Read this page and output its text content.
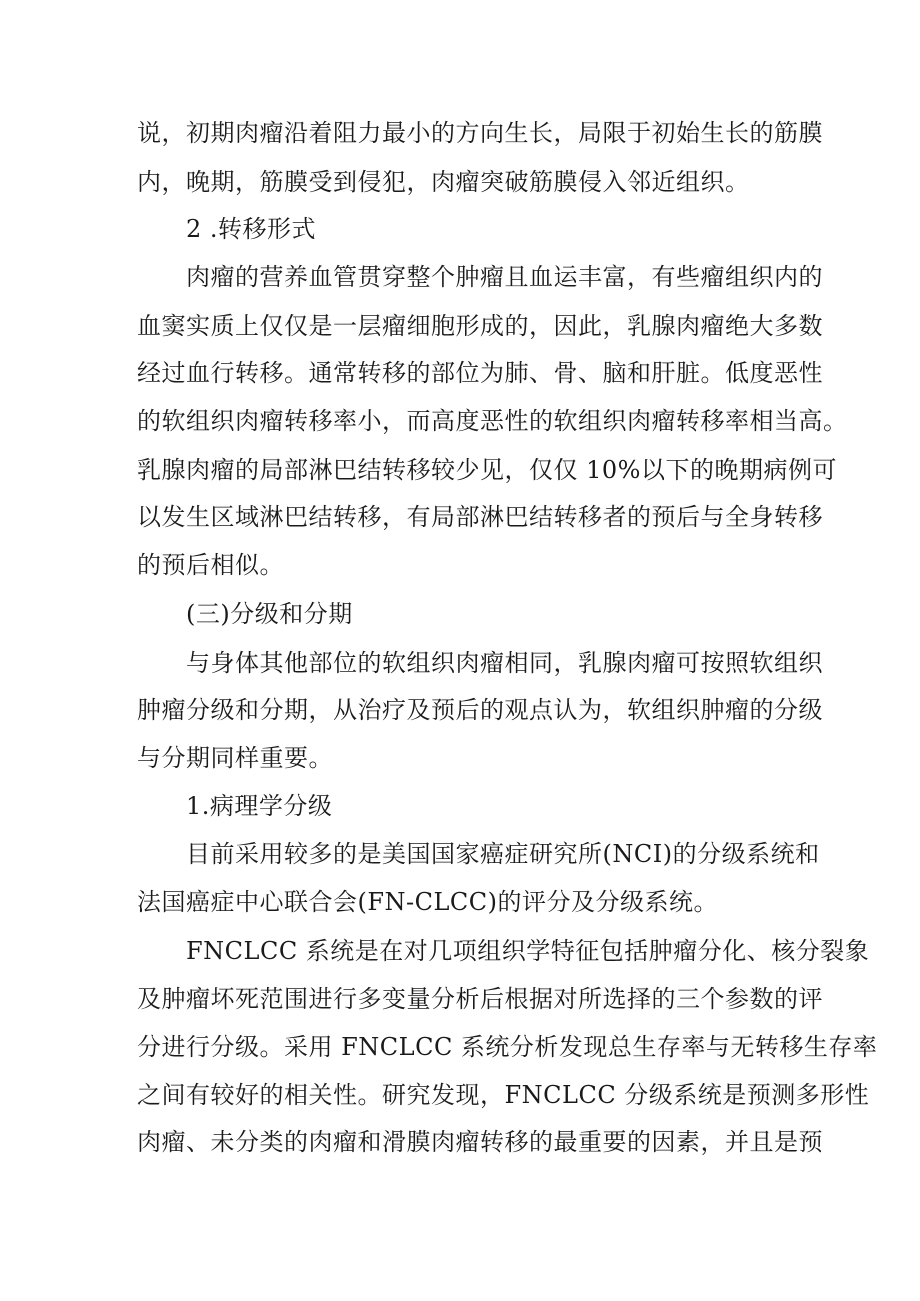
说，初期肉瘤沿着阻力最小的方向生长，局限于初始生长的筋膜
内，晚期，筋膜受到侵犯，肉瘤突破筋膜侵入邻近组织。
2 .转移形式
肉瘤的营养血管贯穿整个肿瘤且血运丰富，有些瘤组织内的
血窦实质上仅仅是一层瘤细胞形成的，因此，乳腺肉瘤绝大多数
经过血行转移。通常转移的部位为肺、骨、脑和肝脏。低度恶性
的软组织肉瘤转移率小，而高度恶性的软组织肉瘤转移率相当高。
乳腺肉瘤的局部淋巴结转移较少见，仅仅 10%以下的晚期病例可
以发生区域淋巴结转移，有局部淋巴结转移者的预后与全身转移
的预后相似。
(三)分级和分期
与身体其他部位的软组织肉瘤相同，乳腺肉瘤可按照软组织
肿瘤分级和分期，从治疗及预后的观点认为，软组织肿瘤的分级
与分期同样重要。
1.病理学分级
目前采用较多的是美国国家癌症研究所(NCI)的分级系统和
法国癌症中心联合会(FN-CLCC)的评分及分级系统。
FNCLCC 系统是在对几项组织学特征包括肿瘤分化、核分裂象
及肿瘤坏死范围进行多变量分析后根据对所选择的三个参数的评
分进行分级。采用 FNCLCC 系统分析发现总生存率与无转移生存率
之间有较好的相关性。研究发现，FNCLCC 分级系统是预测多形性
肉瘤、未分类的肉瘤和滑膜肉瘤转移的最重要的因素，并且是预
